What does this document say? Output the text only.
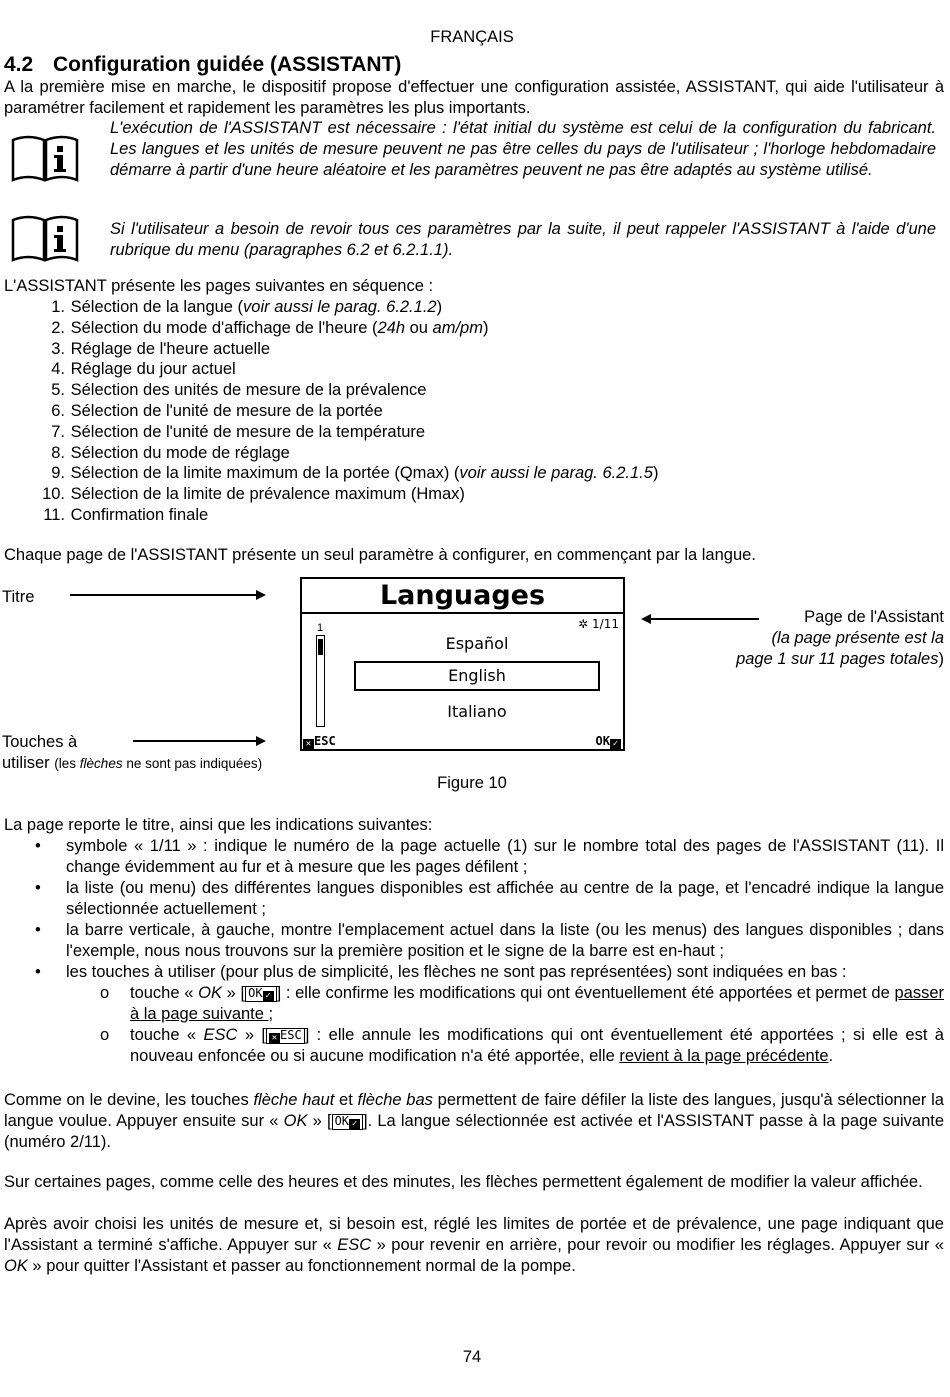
FRANÇAIS
4.2 Configuration guidée (ASSISTANT)
A la première mise en marche, le dispositif propose d'effectuer une configuration assistée, ASSISTANT, qui aide l'utilisateur à paramétrer facilement et rapidement les paramètres les plus importants.
L'exécution de l'ASSISTANT est nécessaire : l'état initial du système est celui de la configuration du fabricant. Les langues et les unités de mesure peuvent ne pas être celles du pays de l'utilisateur ; l'horloge hebdomadaire démarre à partir d'une heure aléatoire et les paramètres peuvent ne pas être adaptés au système utilisé.
Si l'utilisateur a besoin de revoir tous ces paramètres par la suite, il peut rappeler l'ASSISTANT à l'aide d'une rubrique du menu (paragraphes 6.2 et 6.2.1.1).
L'ASSISTANT présente les pages suivantes en séquence :
1. Sélection de la langue (voir aussi le parag. 6.2.1.2)
2. Sélection du mode d'affichage de l'heure (24h ou am/pm)
3. Réglage de l'heure actuelle
4. Réglage du jour actuel
5. Sélection des unités de mesure de la prévalence
6. Sélection de l'unité de mesure de la portée
7. Sélection de l'unité de mesure de la température
8. Sélection du mode de réglage
9. Sélection de la limite maximum de la portée (Qmax) (voir aussi le parag. 6.2.1.5)
10. Sélection de la limite de prévalence maximum (Hmax)
11. Confirmation finale
Chaque page de l'ASSISTANT présente un seul paramètre à configurer, en commençant par la langue.
Titre
Touches à
utiliser (les flèches ne sont pas indiquées)
Languages
✲ 1/11
1
Español
English
Italiano
✕ ESC	OK ✓
Page de l'Assistant
(la page présente est la
page 1 sur 11 pages totales)
Figure 10
La page reporte le titre, ainsi que les indications suivantes:
• symbole « 1/11 » : indique le numéro de la page actuelle (1) sur le nombre total des pages de l'ASSISTANT (11). Il change évidemment au fur et à mesure que les pages défilent ;
• la liste (ou menu) des différentes langues disponibles est affichée au centre de la page, et l'encadré indique la langue sélectionnée actuellement ;
• la barre verticale, à gauche, montre l'emplacement actuel dans la liste (ou les menus) des langues disponibles ; dans l'exemple, nous nous trouvons sur la première position et le signe de la barre est en-haut ;
• les touches à utiliser (pour plus de simplicité, les flèches ne sont pas représentées) sont indiquées en bas :
o touche « OK » [ OK ✓ ] : elle confirme les modifications qui ont éventuellement été apportées et permet de passer à la page suivante ;
o touche « ESC » [ ✕ ESC ] : elle annule les modifications qui ont éventuellement été apportées ; si elle est à nouveau enfoncée ou si aucune modification n'a été apportée, elle revient à la page précédente.
Comme on le devine, les touches flèche haut et flèche bas permettent de faire défiler la liste des langues, jusqu'à sélectionner la langue voulue. Appuyer ensuite sur « OK » [ OK ✓ ]. La langue sélectionnée est activée et l'ASSISTANT passe à la page suivante (numéro 2/11).
Sur certaines pages, comme celle des heures et des minutes, les flèches permettent également de modifier la valeur affichée.
Après avoir choisi les unités de mesure et, si besoin est, réglé les limites de portée et de prévalence, une page indiquant que l'Assistant a terminé s'affiche. Appuyer sur « ESC » pour revenir en arrière, pour revoir ou modifier les réglages. Appuyer sur « OK » pour quitter l'Assistant et passer au fonctionnement normal de la pompe.
74
